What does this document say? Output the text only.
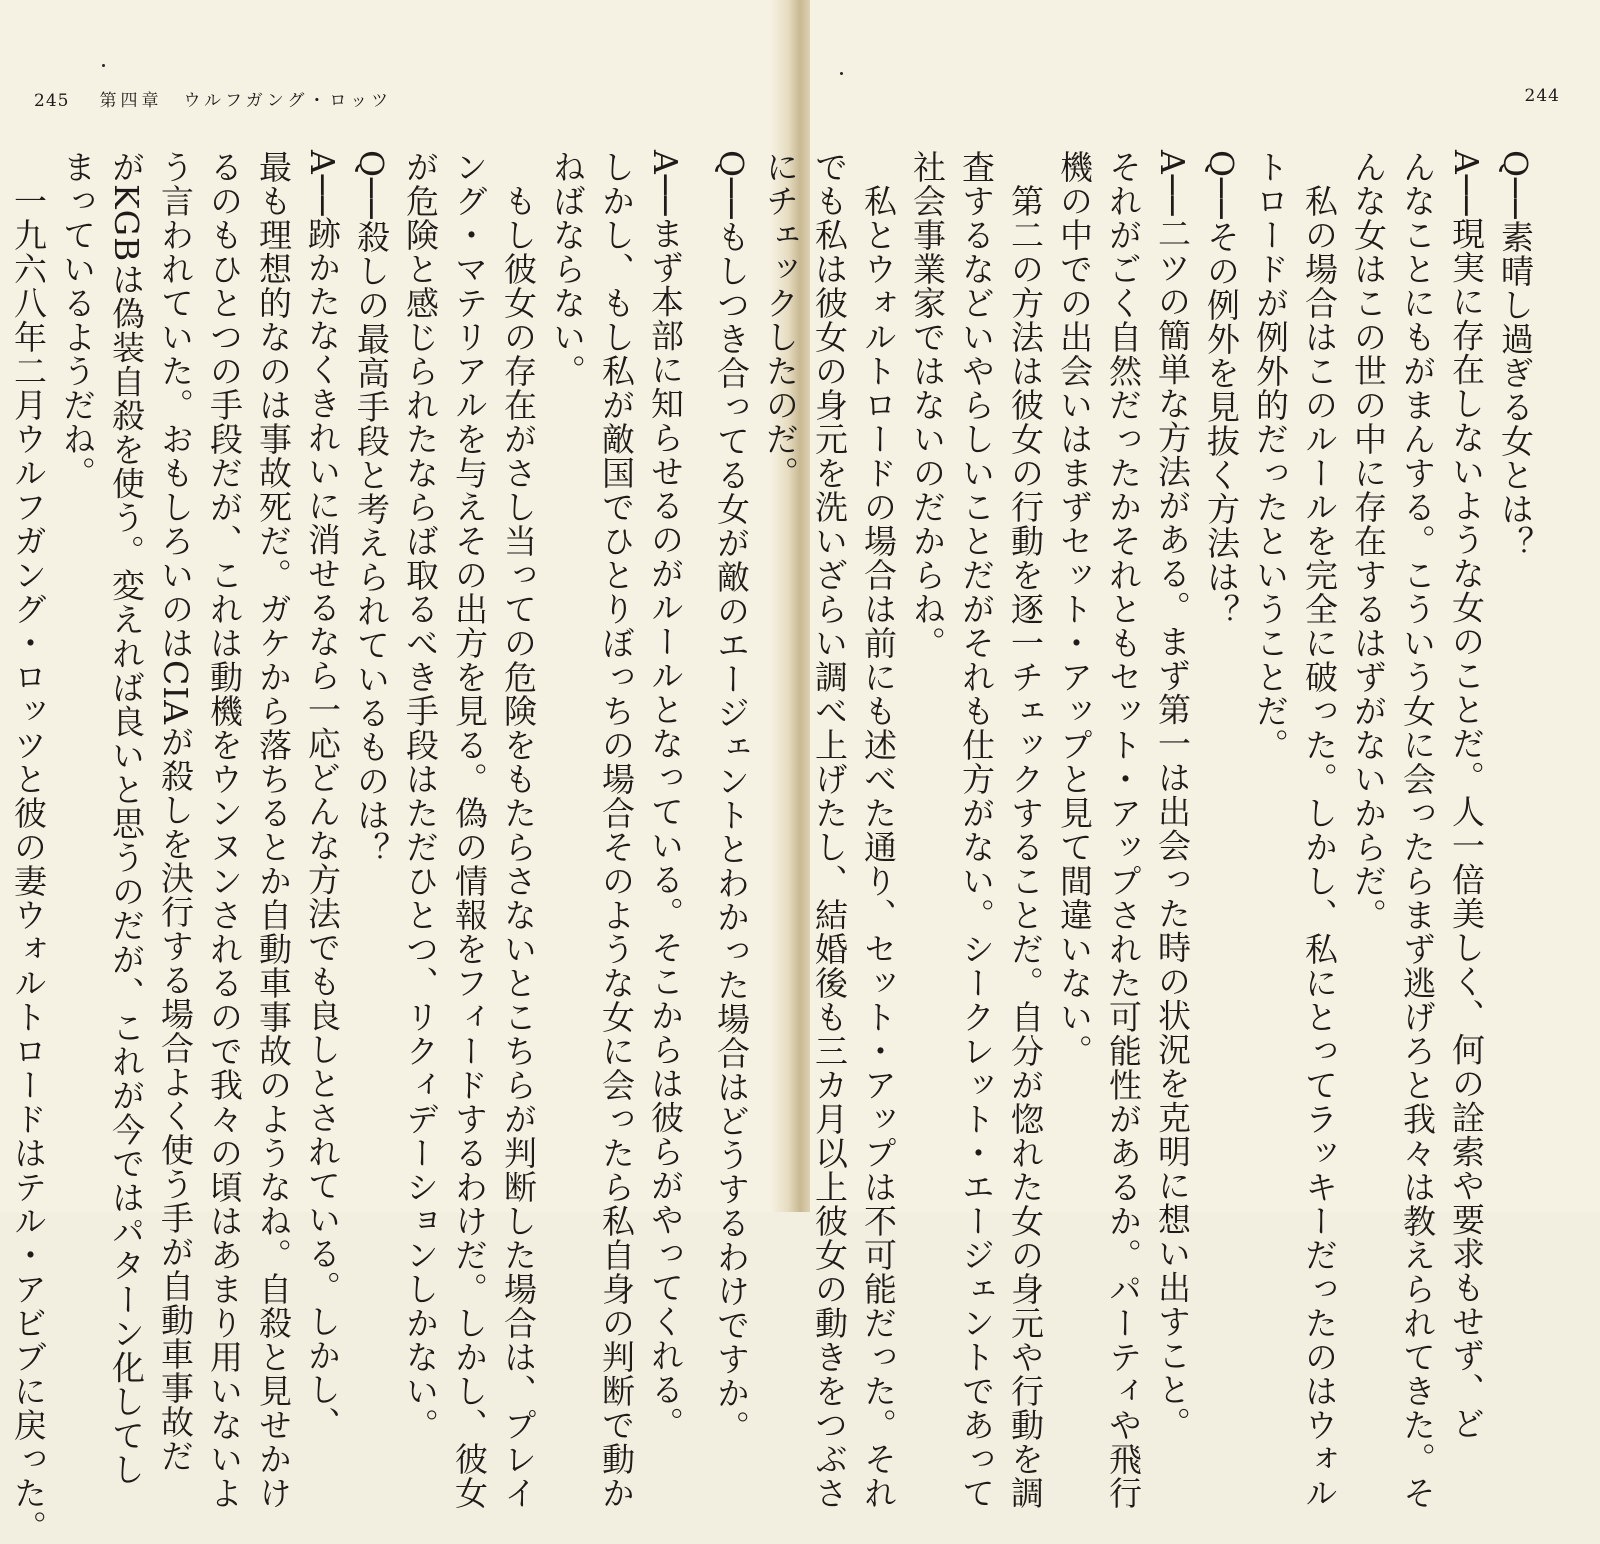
245 第四章　ウルフガング・ロッツ

A──まず本部に知らせるのがルールとなっている。そこからは彼らがやってくれる。

しかし、もし私が敵国でひとりぼっちの場合そのような女に会ったら私自身の判断で動か

ねばならない。

　もし彼女の存在がさし当っての危険をもたらさないとこちらが判断した場合は、プレイ

ング・マテリアルを与えその出方を見る。偽の情報をフィードするわけだ。しかし、彼女

が危険と感じられたならば取るべき手段はただひとつ、リクィデーションしかない。

Q──殺しの最高手段と考えられているものは？

A──跡かたなくきれいに消せるなら一応どんな方法でも良しとされている。しかし、

最も理想的なのは事故死だ。ガケから落ちるとか自動車事故のようなね。自殺と見せかけ

るのもひとつの手段だが、これは動機をウンヌンされるので我々の頃はあまり用いないよ

う言われていた。おもしろいのはCIAが殺しを決行する場合よく使う手が自動車事故だ

がKGBは偽装自殺を使う。変えれば良いと思うのだが、これが今ではパターン化してし

まっているようだね。

　一九六八年二月ウルフガング・ロッツと彼の妻ウォルトロードはテル・アビブに戻った。

244

Q──素晴し過ぎる女とは？

A──現実に存在しないような女のことだ。人一倍美しく、何の詮索や要求もせず、ど

んなことにもがまんする。こういう女に会ったらまず逃げろと我々は教えられてきた。そ

んな女はこの世の中に存在するはずがないからだ。

　私の場合はこのルールを完全に破った。しかし、私にとってラッキーだったのはウォル

トロードが例外的だったということだ。

Q──その例外を見抜く方法は？

A──二ツの簡単な方法がある。まず第一は出会った時の状況を克明に想い出すこと。

それがごく自然だったかそれともセット・アップされた可能性があるか。パーティや飛行

機の中での出会いはまずセット・アップと見て間違いない。

　第二の方法は彼女の行動を逐一チェックすることだ。自分が惚れた女の身元や行動を調

査するなどいやらしいことだがそれも仕方がない。シークレット・エージェントであって

社会事業家ではないのだからね。

　私とウォルトロードの場合は前にも述べた通り、セット・アップは不可能だった。それ

でも私は彼女の身元を洗いざらい調べ上げたし、結婚後も三カ月以上彼女の動きをつぶさ

にチェックしたのだ。

Q──もしつき合ってる女が敵のエージェントとわかった場合はどうするわけですか。
